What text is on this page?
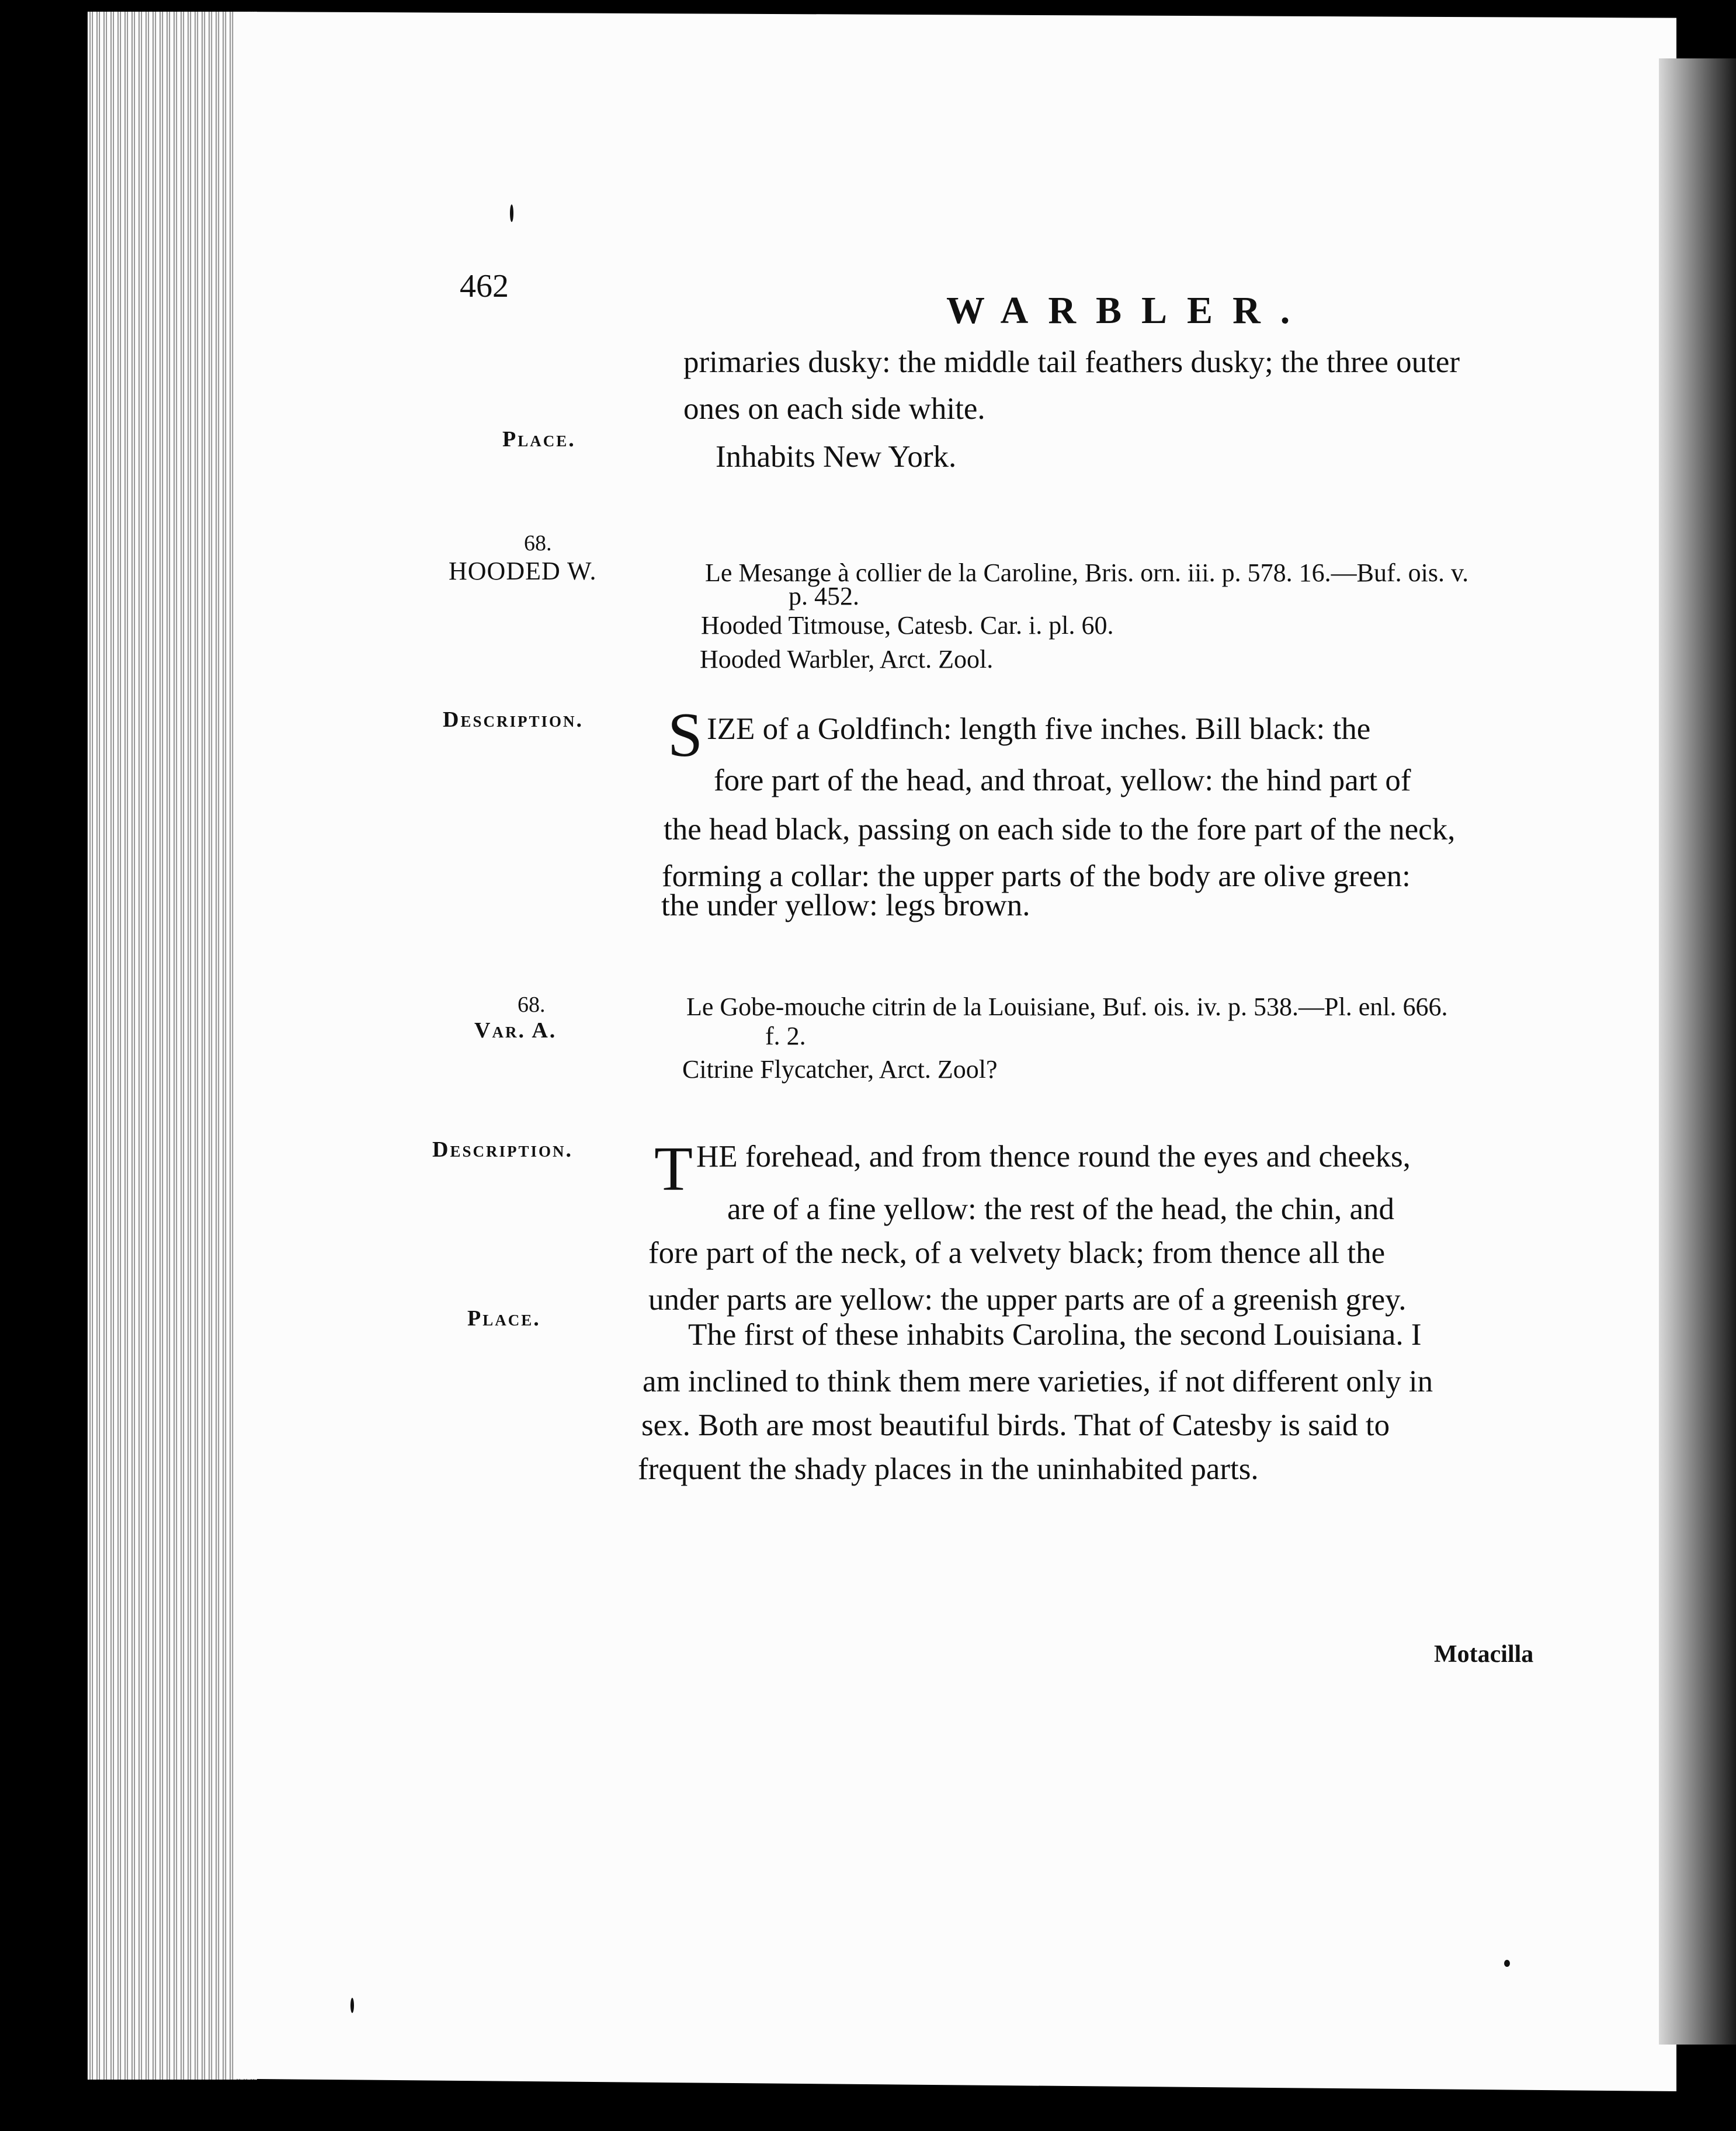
462
WARBLER.
primaries dusky: the middle tail feathers dusky; the three outer
ones on each side white.
Place.
Inhabits New York.
68.
HOODED W.	Le Mesange à collier de la Caroline, Bris. orn. iii. p. 578. 16.—Buf. ois. v.
p. 452.
Hooded Titmouse, Catesb. Car. i. pl. 60.
Hooded Warbler, Arct. Zool.
Description. S IZE of a Goldfinch: length five inches. Bill black: the
fore part of the head, and throat, yellow: the hind part of
the head black, passing on each side to the fore part of the neck,
forming a collar: the upper parts of the body are olive green:
the under yellow: legs brown.
68.
Var. A.
Le Gobe-mouche citrin de la Louisiane, Buf. ois. iv. p. 538.—Pl. enl. 666.
f. 2.
Citrine Flycatcher, Arct. Zool?
Description. T HE forehead, and from thence round the eyes and cheeks,
are of a fine yellow: the rest of the head, the chin, and
fore part of the neck, of a velvety black; from thence all the
under parts are yellow: the upper parts are of a greenish grey.
Place.	The first of these inhabits Carolina, the second Louisiana. I
am inclined to think them mere varieties, if not different only in
sex. Both are most beautiful birds. That of Catesby is said to
frequent the shady places in the uninhabited parts.
Motacilla
